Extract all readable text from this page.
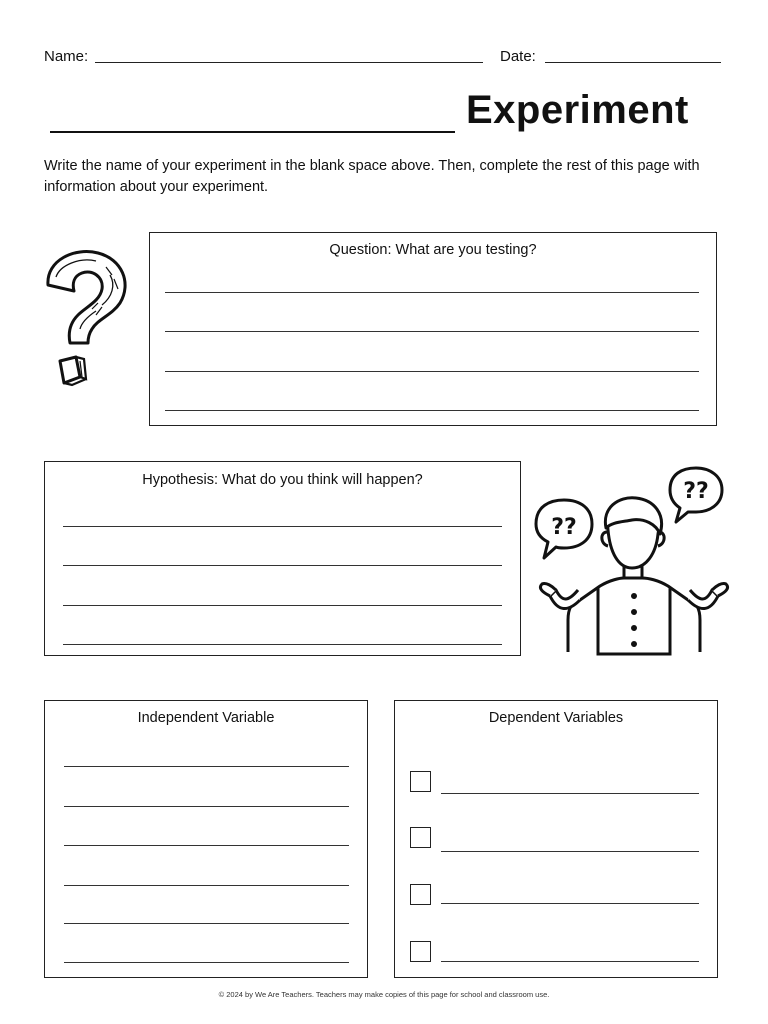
Name:	Date:
Experiment
Write the name of your experiment in the blank space above. Then, complete the rest of this page with information about your experiment.
Question: What are you testing?
Hypothesis: What do you think will happen?
??
??
Independent Variable	Dependent Variables
© 2024 by We Are Teachers. Teachers may make copies of this page for school and classroom use.
